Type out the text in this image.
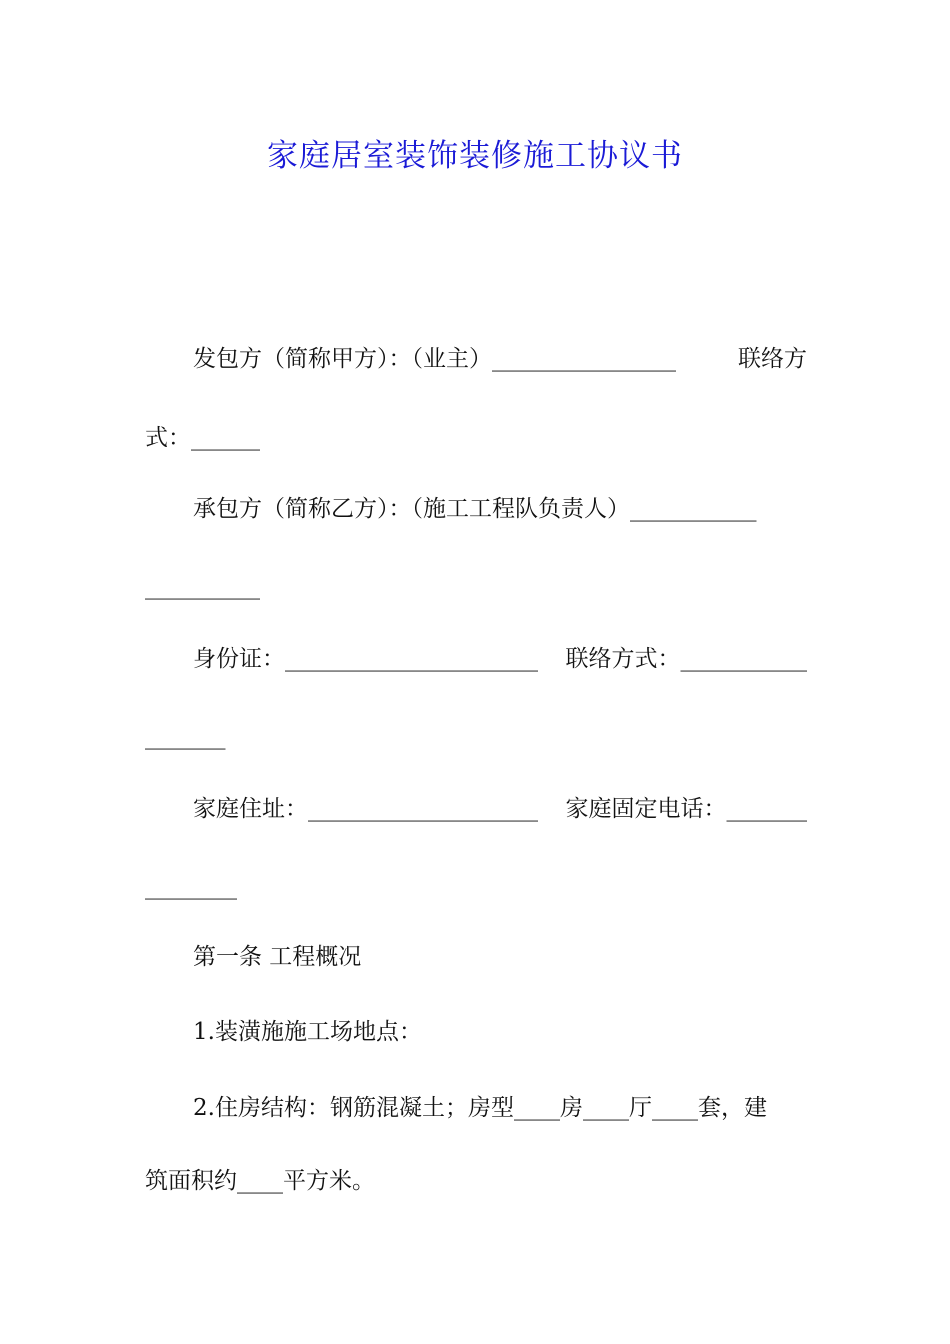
家庭居室装饰装修施工协议书
发包方（简称甲方）：（业主）________________	联络方
式：______
承包方（简称乙方）：（施工工程队负责人）___________
__________
身份证：______________________ 联络方式：___________
_______
家庭住址：____________________ 家庭固定电话：_______
________
第一条 工程概况
1.装潢施施工场地点：
2.住房结构：钢筋混凝土；房型____房____厅____套，建
筑面积约____平方米。
